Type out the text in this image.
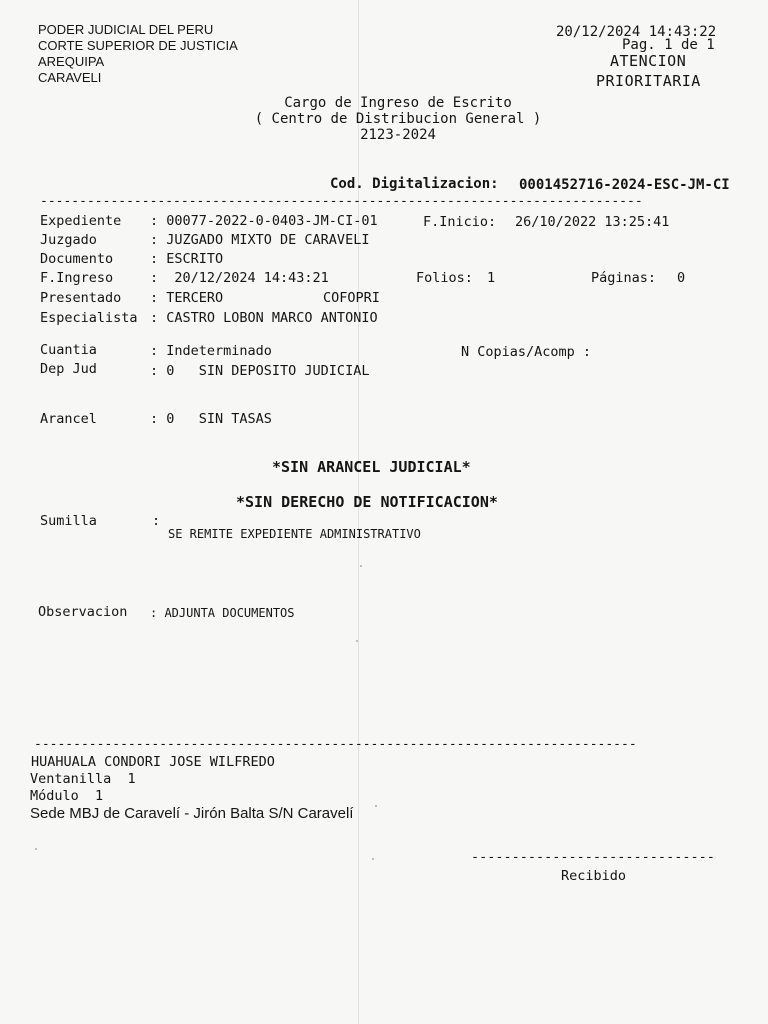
PODER JUDICIAL DEL PERU
CORTE SUPERIOR DE JUSTICIA
AREQUIPA
CARAVELI
20/12/2024 14:43:22
Pag. 1 de 1
ATENCION
PRIORITARIA
Cargo de Ingreso de Escrito
( Centro de Distribucion General )
2123-2024
Cod. Digitalizacion: 0001452716-2024-ESC-JM-CI
-----------------------------------------------------------------------------
Expediente : 00077-2022-0-0403-JM-CI-01	F.Inicio: 26/10/2022 13:25:41
Juzgado	: JUZGADO MIXTO DE CARAVELI
Documento	: ESCRITO
F.Ingreso	:  20/12/2024 14:43:21	Folios: 1	Páginas: 0
Presentado : TERCERO	COFOPRI
Especialista : CASTRO LOBON MARCO ANTONIO
Cuantia	: Indeterminado	N Copias/Acomp :
Dep Jud	: 0   SIN DEPOSITO JUDICIAL
Arancel	: 0   SIN TASAS
*SIN ARANCEL JUDICIAL*
*SIN DERECHO DE NOTIFICACION*
Sumilla	:
SE REMITE EXPEDIENTE ADMINISTRATIVO
Observacion : ADJUNTA DOCUMENTOS
-----------------------------------------------------------------------------
HUAHUALA CONDORI JOSE WILFREDO
Ventanilla  1
Módulo  1
Sede MBJ de Caravelí - Jirón Balta S/N Caravelí
------------------------------
Recibido
